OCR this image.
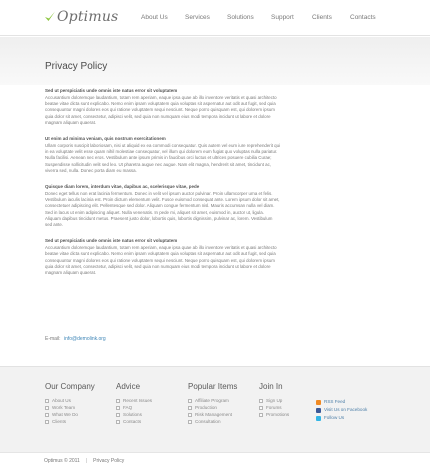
Optimus	About Us	Services	Solutions	Support	Clients	Contacts
Privacy Policy
Sed ut perspiciatis unde omnis iste natus error sit voluptatem
Accusantium doloremque laudantium, totam rem aperiam, eaque ipsa quae ab illo inventore veritatis et quasi architecto beatae vitae dicta sunt explicabo. Nemo enim ipsam voluptatem quia voluptas sit aspernatur aut odit aut fugit, sed quia consequuntur magni dolores eos qui ratione voluptatem sequi nesciunt. Neque porro quisquam est, qui dolorem ipsum quia dolor sit amet, consectetur, adipisci velit, sed quia non numquam eius modi tempora incidunt ut labore et dolore magnam aliquam quaerat.
Ut enim ad minima veniam, quis nostrum exercitationem
Ullam corporis suscipit laboriosam, nisi ut aliquid ex ea commodi consequatur. Quis autem vel eum iure reprehenderit qui in ea voluptate velit esse quam nihil molestiae consequatur, vel illum qui dolorem eum fugiat quo voluptas nulla pariatur. Nulla facilisi. Aenean nec eros. Vestibulum ante ipsum primis in faucibus orci luctus et ultrices posuere cubilia Curae; Suspendisse sollicitudin velit sed leo. Ut pharetra augue nec augue. Nam elit magna, hendrerit sit amet, tincidunt ac, viverra sed, nulla. Donec porta diam eu massa.
Quisque diam lorem, interdum vitae, dapibus ac, scelerisque vitae, pede
Donec eget tellus non erat lacinia fermentum. Donec in velit vel ipsum auctor pulvinar. Proin ullamcorper urna et felis. Vestibulum iaculis lacinia est. Proin dictum elementum velit. Fusce euismod consequat ante. Lorem ipsum dolor sit amet, consectetuer adipiscing elit. Pellentesque sed dolor. Aliquam congue fermentum nisl. Mauris accumsan nulla vel diam. Sed in lacus ut enim adipiscing aliquet. Nulla venenatis. In pede mi, aliquet sit amet, euismod in, auctor ut, ligula. Aliquam dapibus tincidunt metus. Praesent justo dolor, lobortis quis, lobortis dignissim, pulvinar ac, lorem. Vestibulum sed ante.
Sed ut perspiciatis unde omnis iste natus error sit voluptatem
Accusantium doloremque laudantium, totam rem aperiam, eaque ipsa quae ab illo inventore veritatis et quasi architecto beatae vitae dicta sunt explicabo. Nemo enim ipsam voluptatem quia voluptas sit aspernatur aut odit aut fugit, sed quia consequuntur magni dolores eos qui ratione voluptatem sequi nesciunt. Neque porro quisquam est, qui dolorem ipsum quia dolor sit amet, consectetur, adipisci velit, sed quia non numquam eius modi tempora incidunt ut labore et dolore magnam aliquam quaerat.
E-mail: info@demolink.org
Our Company
About Us
Work Team
What We Do
Clients
Advice
Recent Issues
FAQ
Solutions
Contacts
Popular Items
Affiliate Program
Production
Risk Management
Consultation
Join In
Sign Up
Forums
Promotions
RSS Feed
Visit Us on Facebook
Follow Us
Optimus © 2011 | Privacy Policy
